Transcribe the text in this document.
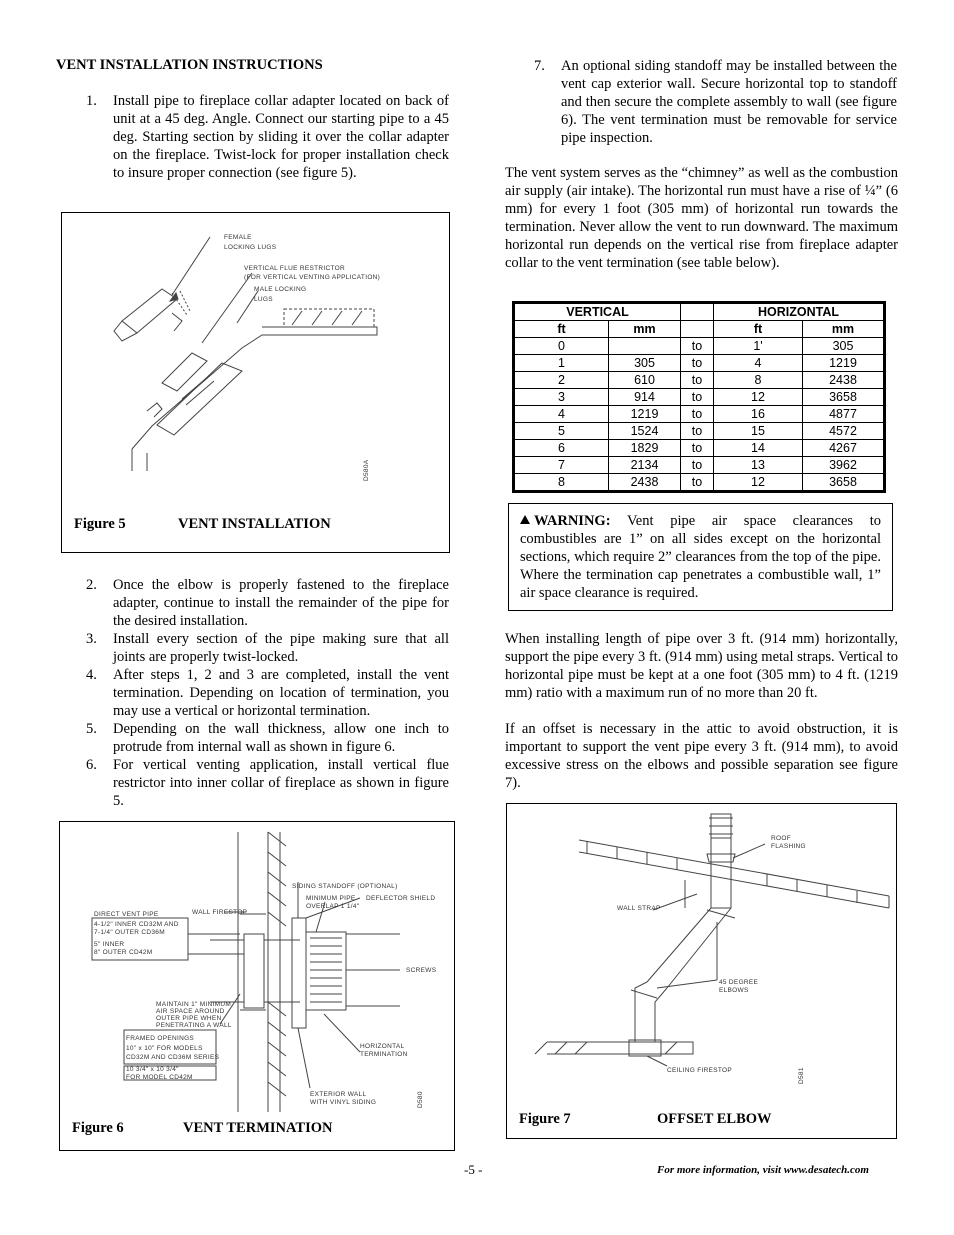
VENT INSTALLATION INSTRUCTIONS
1. Install pipe to fireplace collar adapter located on back of unit at a 45 deg. Angle. Connect our starting pipe to a 45 deg. Starting section by sliding it over the collar adapter on the fireplace. Twist-lock for proper installation check to insure proper connection (see figure 5).
FEMALE
LOCKING LUGS
VERTICAL FLUE RESTRICTOR
(FOR VERTICAL VENTING APPLICATION)
MALE LOCKING
LUGS
D580A
Figure 5	VENT INSTALLATION
2. Once the elbow is properly fastened to the fireplace adapter, continue to install the remainder of the pipe for the desired installation.
3. Install every section of the pipe making sure that all joints are properly twist-locked.
4. After steps 1, 2 and 3 are completed, install the vent termination. Depending on location of termination, you may use a vertical or horizontal termination.
5. Depending on the wall thickness, allow one inch to protrude from internal wall as shown in figure 6.
6. For vertical venting application, install vertical flue restrictor into inner collar of fireplace as shown in figure 5.
SIDING STANDOFF (OPTIONAL)
MINIMUM PIPE
OVERLAP 1 1/4"
DEFLECTOR SHIELD
DIRECT VENT PIPE
4-1/2" INNER CD32M AND
7-1/4" OUTER CD36M
5" INNER
8" OUTER CD42M
WALL FIRESTOP
SCREWS
MAINTAIN 1" MINIMUM
AIR SPACE AROUND
OUTER PIPE WHEN
PENETRATING A WALL
FRAMED OPENINGS
10" x 10" FOR MODELS
CD32M AND CD36M SERIES
10 3/4" x 10 3/4"
FOR MODEL CD42M
HORIZONTAL
TERMINATION
EXTERIOR WALL
WITH VINYL SIDING	D580
Figure 6	VENT TERMINATION
7. An optional siding standoff may be installed between the vent cap exterior wall. Secure horizontal top to standoff and then secure the complete assembly to wall (see figure 6). The vent termination must be removable for service pipe inspection.
The vent system serves as the “chimney” as well as the combustion air supply (air intake). The horizontal run must have a rise of ¼” (6 mm) for every 1 foot (305 mm) of horizontal run towards the termination. Never allow the vent to run downward. The maximum horizontal run depends on the vertical rise from fireplace adapter collar to the vent termination (see table below).
VERTICAL			HORIZONTAL	
ft	mm		ft	mm
0		to	1'	305
1	305	to	4	1219
2	610	to	8	2438
3	914	to	12	3658
4	1219	to	16	4877
5	1524	to	15	4572
6	1829	to	14	4267
7	2134	to	13	3962
8	2438	to	12	3658
WARNING: Vent pipe air space clearances to combustibles are 1” on all sides except on the horizontal sections, which require 2” clearances from the top of the pipe. Where the termination cap penetrates a combustible wall, 1” air space clearance is required.
When installing length of pipe over 3 ft. (914 mm) horizontally, support the pipe every 3 ft. (914 mm) using metal straps. Vertical to horizontal pipe must be kept at a one foot (305 mm) to 4 ft. (1219 mm) ratio with a maximum run of no more than 20 ft.
If an offset is necessary in the attic to avoid obstruction, it is important to support the vent pipe every 3 ft. (914 mm), to avoid excessive stress on the elbows and possible separation see figure 7).
ROOF
FLASHING
WALL STRAP
45 DEGREE
ELBOWS
CEILING FIRESTOP	D581
Figure 7	OFFSET ELBOW
-5 -	For more information, visit www.desatech.com
